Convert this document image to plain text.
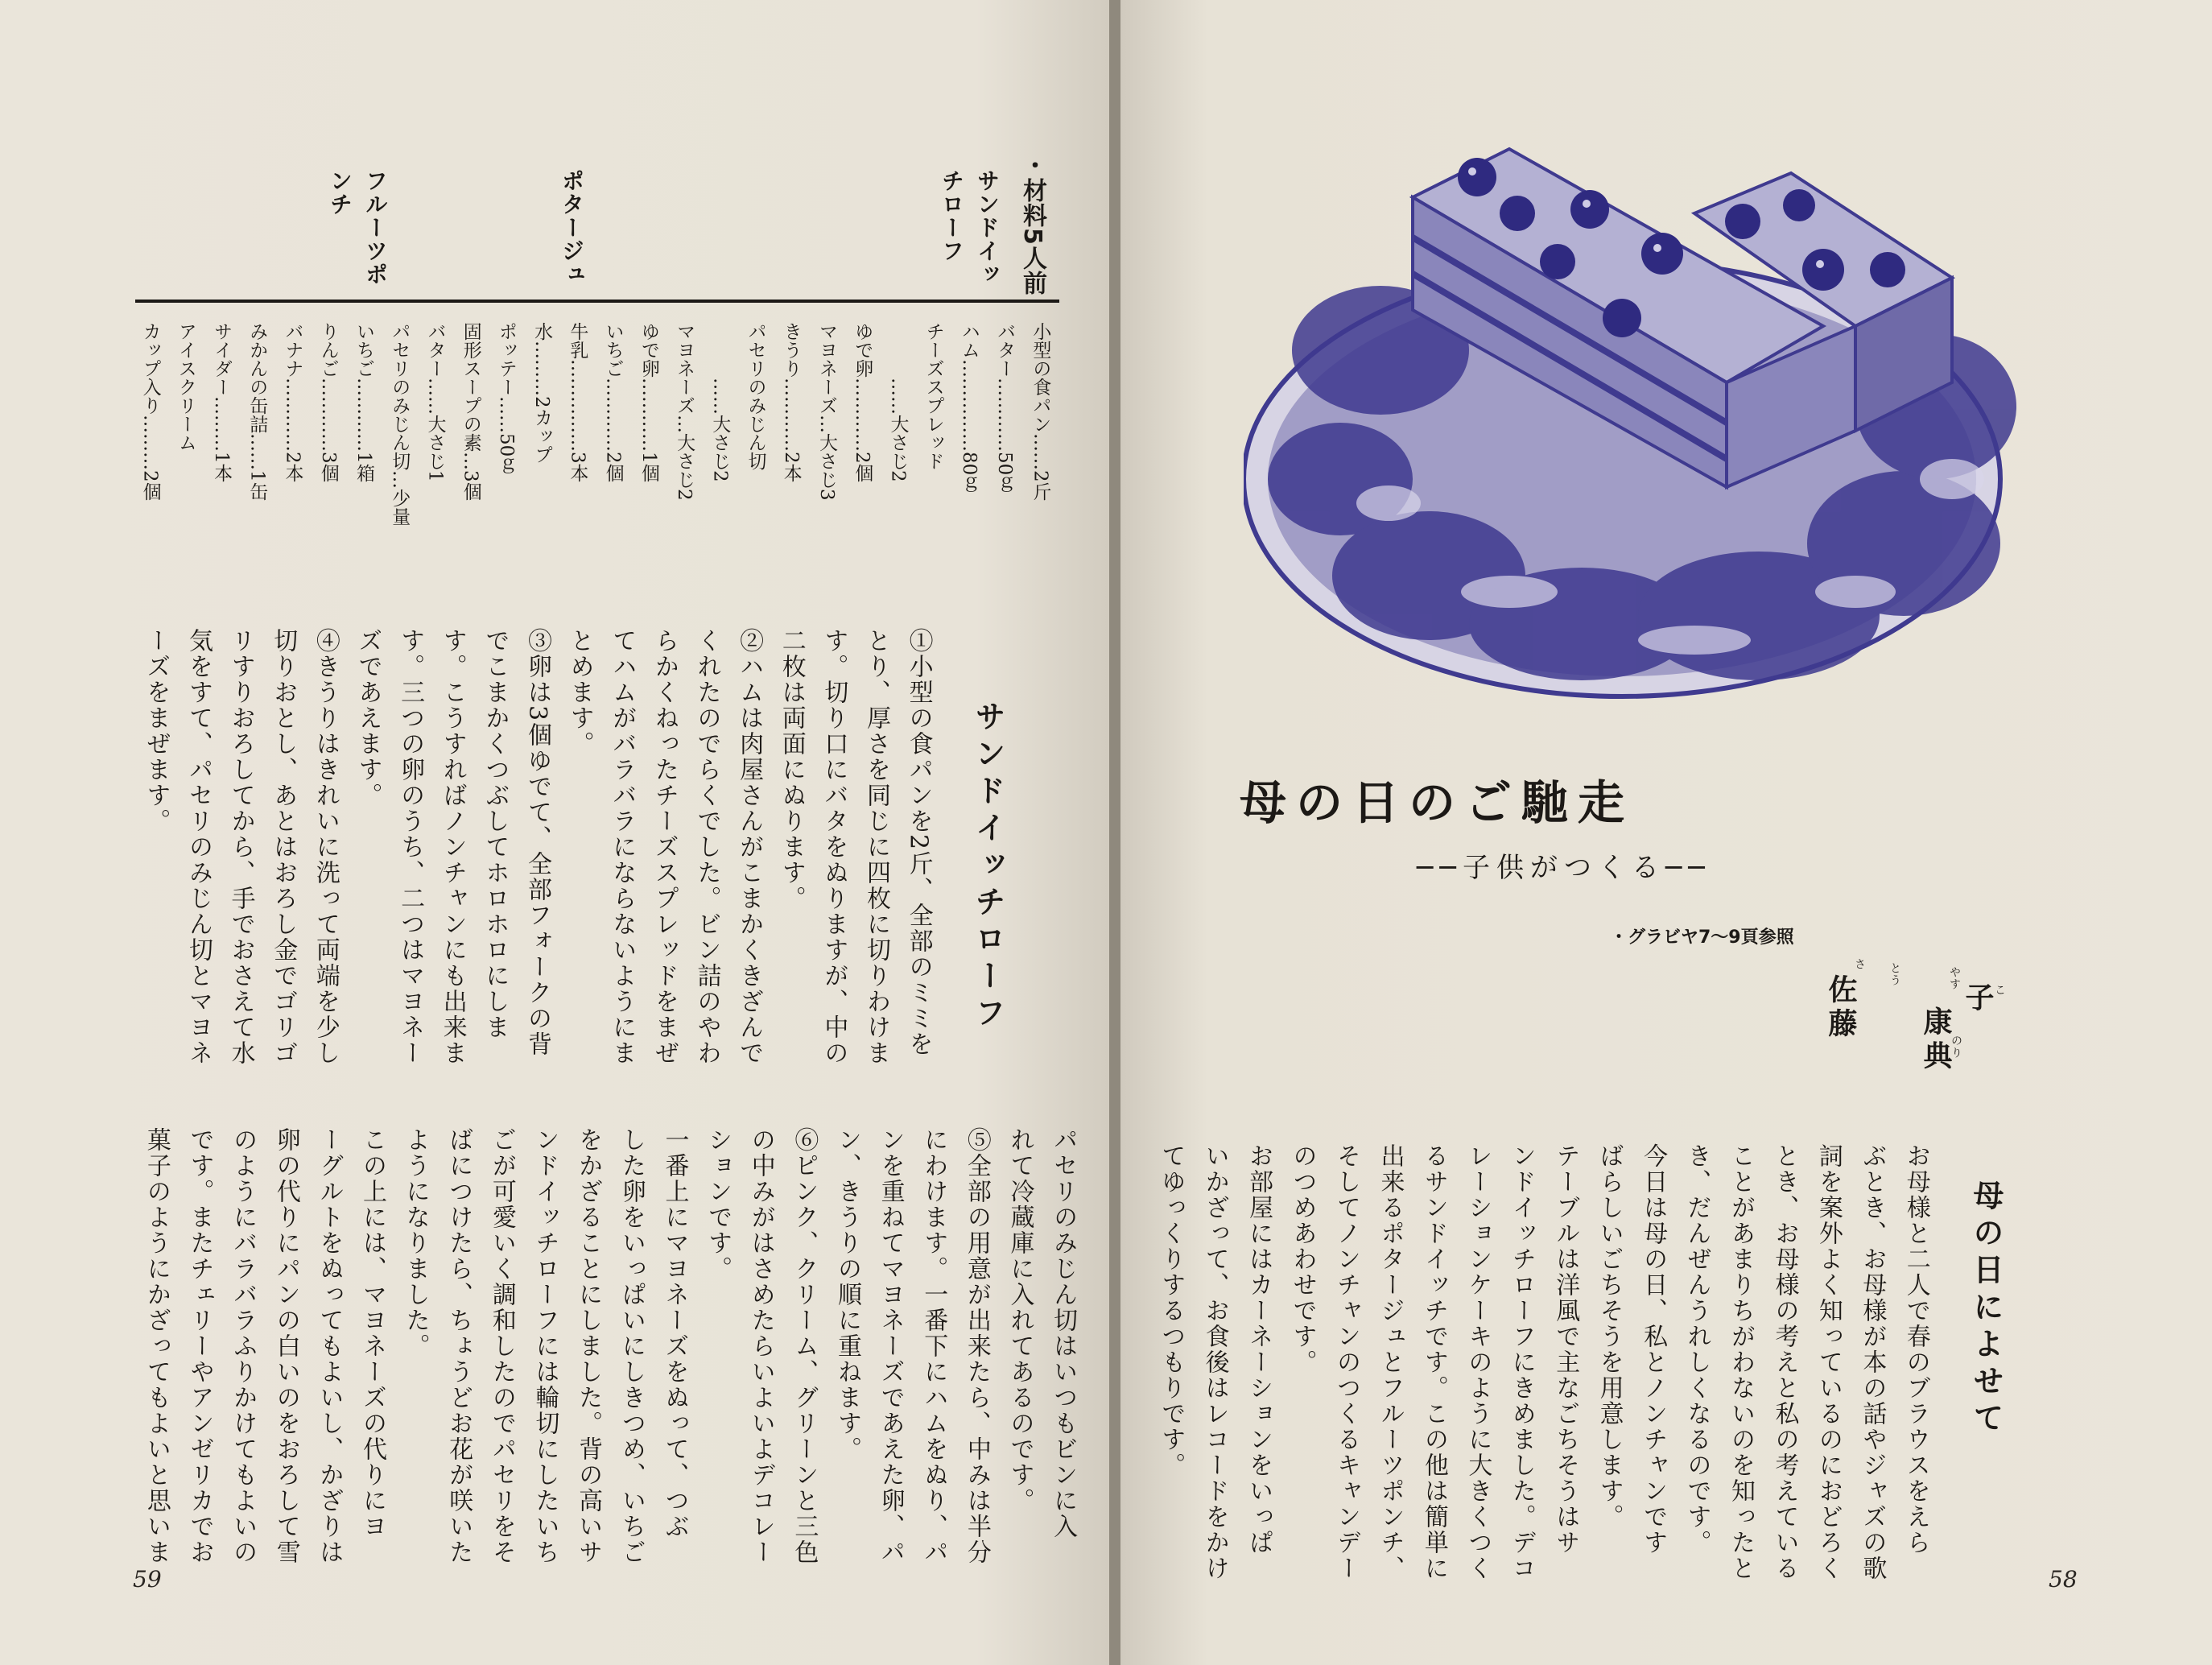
・材料5人前
サンドイッチローフ
ポタージュ
フルーツポンチ
小型の食パン……2斤
バター…………50ｇ
ハム……………80ｇ
チーズスプレッド
　　　……大さじ2
ゆで卵…………2個
マヨネーズ…大さじ3
きうり…………2本
パセリのみじん切
　　　……大さじ2
マヨネーズ…大さじ2
ゆで卵…………1個
いちご…………2個
牛乳……………3本
水………2カップ
ポッテー……50ｇ
固形スープの素…3個
バター……大さじ1
パセリのみじん切…少量
いちご…………1箱
りんご…………3個
バナナ…………2本
みかんの缶詰……1缶
サイダー………1本
アイスクリーム
カップ入り………2個
サンドイッチローフ
①小型の食パンを2斤、全部のミミを
とり、厚さを同じに四枚に切りわけま
す。切り口にバタをぬりますが、中の
二枚は両面にぬります。
②ハムは肉屋さんがこまかくきざんで
くれたのでらくでした。ビン詰のやわ
らかくねったチーズスプレッドをまぜ
てハムがバラバラにならないようにま
とめます。
③卵は3個ゆでて、全部フォークの背
でこまかくつぶしてホロホロにしま
す。こうすればノンチャンにも出来ま
す。三つの卵のうち、二つはマヨネー
ズであえます。
④きうりはきれいに洗って両端を少し
切りおとし、あとはおろし金でゴリゴ
リすりおろしてから、手でおさえて水
気をすて、パセリのみじん切とマヨネ
ーズをまぜます。
パセリのみじん切はいつもビンに入
れて冷蔵庫に入れてあるのです。
⑤全部の用意が出来たら、中みは半分
にわけます。一番下にハムをぬり、パ
ンを重ねてマヨネーズであえた卵、パ
ン、きうりの順に重ねます。
⑥ピンク、クリーム、グリーンと三色
の中みがはさめたらいよいよデコレー
ションです。
一番上にマヨネーズをぬって、つぶ
した卵をいっぱいにしきつめ、いちご
をかざることにしました。背の高いサ
ンドイッチローフには輪切にしたいち
ごが可愛いく調和したのでパセリをそ
ばにつけたら、ちょうどお花が咲いた
ようになりました。
この上には、マヨネーズの代りにヨ
ーグルトをぬってもよいし、かざりは
卵の代りにパンの白いのをおろして雪
のようにバラバラふりかけてもよいの
です。またチェリーやアンゼリカでお
菓子のようにかざってもよいと思いま
59
母の日のご馳走
──子供がつくる──
・グラビヤ7〜9頁参照
子
康典
佐藤
さ とう	やす
のり
こ
母の日によせて
お母様と二人で春のブラウスをえら
ぶとき、お母様が本の話やジャズの歌
詞を案外よく知っているのにおどろく
とき、お母様の考えと私の考えている
ことがあまりちがわないのを知ったと
き、だんぜんうれしくなるのです。
今日は母の日、私とノンチャンです
ばらしいごちそうを用意します。
テーブルは洋風で主なごちそうはサ
ンドイッチローフにきめました。デコ
レーションケーキのように大きくつく
るサンドイッチです。この他は簡単に
出来るポタージュとフルーツポンチ、
そしてノンチャンのつくるキャンデー
のつめあわせです。
お部屋にはカーネーションをいっぱ
いかざって、お食後はレコードをかけ
てゆっくりするつもりです。
58
